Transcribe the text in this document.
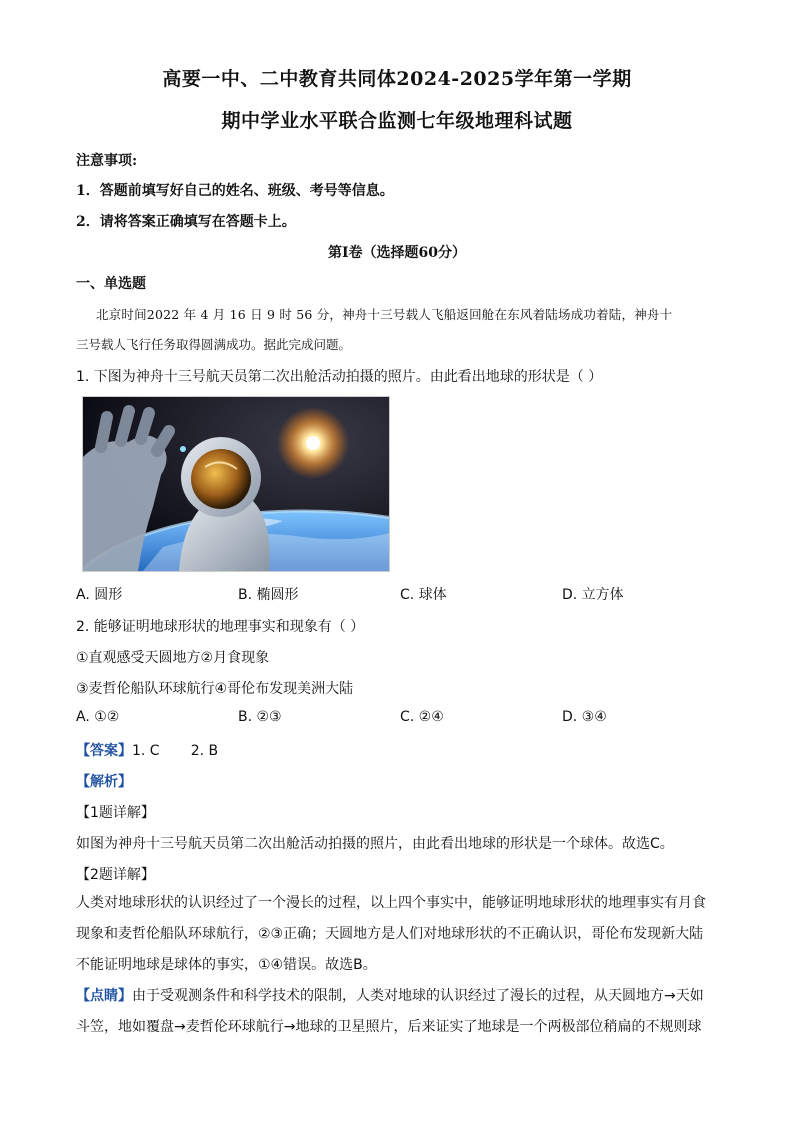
高要一中、二中教育共同体2024-2025学年第一学期
期中学业水平联合监测七年级地理科试题
注意事项:
1．答题前填写好自己的姓名、班级、考号等信息。
2．请将答案正确填写在答题卡上。
第Ⅰ卷（选择题60分）
一、单选题
北京时间2022 年 4 月 16 日 9 时 56 分，神舟十三号载人飞船返回舱在东风着陆场成功着陆，神舟十
三号载人飞行任务取得圆满成功。据此完成问题。
1. 下图为神舟十三号航天员第二次出舱活动拍摄的照片。由此看出地球的形状是（ ）
A. 圆形	B. 椭圆形	C. 球体	D. 立方体
2. 能够证明地球形状的地理事实和现象有（ ）
①直观感受天圆地方②月食现象
③麦哲伦船队环球航行④哥伦布发现美洲大陆
A. ①②	B. ②③	C. ②④	D. ③④
【答案】1. C       2. B
【解析】
【1题详解】
如图为神舟十三号航天员第二次出舱活动拍摄的照片，由此看出地球的形状是一个球体。故选C。
【2题详解】
人类对地球形状的认识经过了一个漫长的过程，以上四个事实中，能够证明地球形状的地理事实有月食现象和麦哲伦船队环球航行，②③正确；天圆地方是人们对地球形状的不正确认识，哥伦布发现新大陆不能证明地球是球体的事实，①④错误。故选B。
【点睛】由于受观测条件和科学技术的限制，人类对地球的认识经过了漫长的过程，从天圆地方→天如斗笠，地如覆盘→麦哲伦环球航行→地球的卫星照片，后来证实了地球是一个两极部位稍扁的不规则球
